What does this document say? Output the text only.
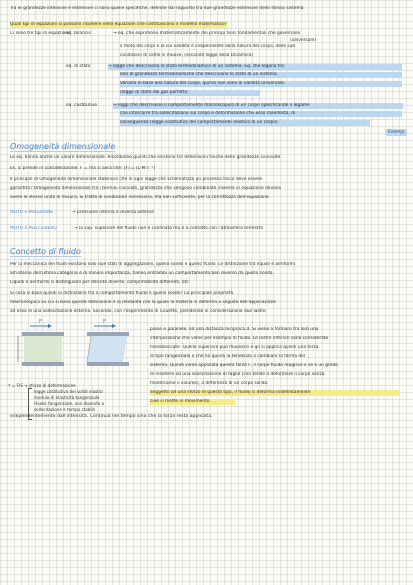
Tra le grandezze intensive e estensive ci sono quelle specifiche, definite dal rapporto tra due grandezze estensive dello stesso sistema.
Quali tipi di equazioni si possono risolvere nella equazioni che costituiscono il modello matematico?
Ci sono tre tipi di equazioni:
eq. bilancio	→ eq. che esprimono matematicamente dei principi fisici fondamentali che governano
(universale)
il moto dei corpi e la cui validità è indipendente dalla natura del corpo, delle sue
condizioni di come si muove. (seconda legge della Dinamica)
eq. di stato	→ legge che descrivono lo stato termodinamico di un sistema. Eq. che legano tra
loro le grandezze termodinamiche che descrivono lo stato di un sistema.
Variano in base alla natura del corpo, quindi non sono di validità universale.
(legge di stato dei gas perfetti)
eq. costitutive	→ leggi che descrivono il comportamento macroscopico di un corpo specificando il legame
che intercorre tra sollecitazione sul corpo e deformazione che esso manifesta, di
conseguenza (legge costitutiva del comportamento elastico di un corpo).
Esempi
Omogeneità dimensionale
Le eq. hanno anche un valore dimensionale. Ricordiamo quindi che esistono tre dimensioni fisiche delle grandezze coinvolte.
Es. si prende in considerazione: F = ma si avrà che: [F] = [L·M·T⁻²]
Il principio di Omogeneità dimensionale stabilisce che in ogni legge che schematizza un processo fisico deve essere
garantita l'Omogeneità dimensionale tra i termini coinvolti, grandezze che vengono combinate insieme in equazione devono
avere le stesse unità di misura. Si tratta di condizione necessaria, ma non sufficiente, per la correttezza dell'equazione.
MOTO e PRESSIONE	→ pressione interna e diversa esterna
MOTO a PELO LIBERO	→ la sup. superiore del fluido non è confinata ma è a contatto con l'atmosfera terrestre
Concetto di fluido
Per la meccanica dei fluidi esistono solo due stati di aggregazione, quello solido e quello fluido. Le distinzione tra liquidi e aeriformi
all'interno dell'ultima categoria è di minore importanza, hanno entrambi un comportamento ben diverso da quello solido.
Liquidi e aeriformi si distinguono per densità diverse, comprimibilità differenti, etc.
Si cosa si basa quindi la distinzione tra il comportamento fluido e quello solido? La principale proprietà
macroscopica su cui si basa questa distinzione è la modalità con la quale la materia si deforma a seguito dell'applicazione
ad essa di una sollecitazione esterna. Secondo, con l'esperimento di Couette, prendendo in considerazione due lastre
F	F
piane e parallele, ad una distanza reciproca d. Si viene a formare tra loro uno
interposizione che viene per esempio di fluido. Le lastre inferiori sono considerate
fisse/bloccate. Quella superiore può muoversi e gli si applica quindi una forza
di tipo tangenziale e che ha quindi la tendenza a cambiare la forma del
sistema. Quindi viene applicata questa forza F, il corpo fluido reagisce e se è un grado
di resistere ad una sollecitazione di taglio (con tende a deformare il corpo senza
modificarne il volume), a differenza di un corpo solido.
Soggetto ad una sforzo di questo tipo, il fluido si deforma indefinitamente
cioè si mette in movimento.
τ = F/S → sforzo di deformazione
legge costitutiva dei solidi elastici
modulo di elasticità tangenziale
Hooke tangenziale, non dipende a
sollecitazione e tempo stabile
indipendentemente dall'intensità. Continua nel tempo sino che la forza resta applicata.
